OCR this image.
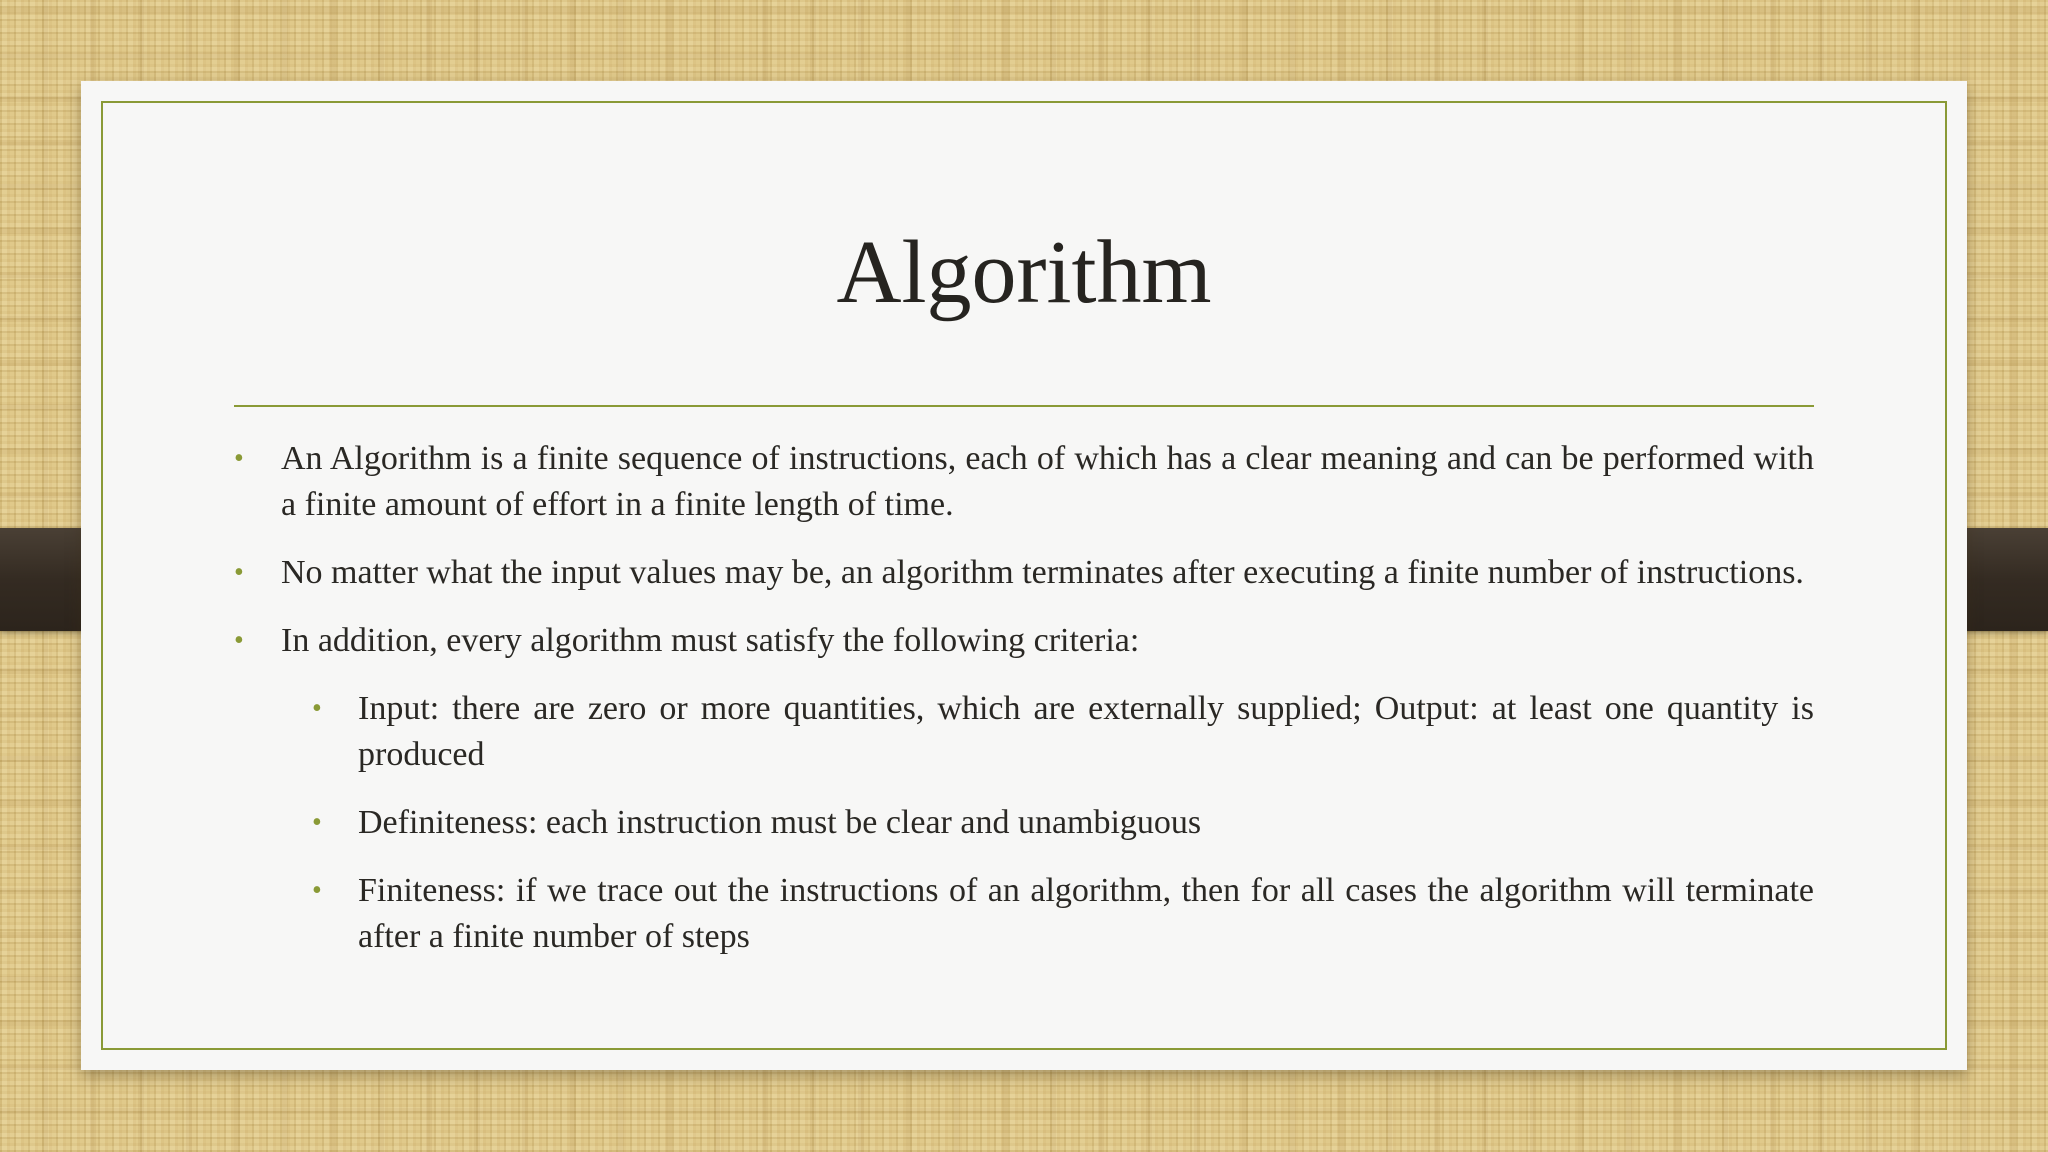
Algorithm
• An Algorithm is a finite sequence of instructions, each of which has a clear meaning and can be performed with a finite amount of effort in a finite length of time.
• No matter what the input values may be, an algorithm terminates after executing a finite number of instructions.
•	In addition, every algorithm must satisfy the following criteria:
• Input: there are zero or more quantities, which are externally supplied; Output: at least one quantity is produced
• Definiteness: each instruction must be clear and unambiguous
• Finiteness: if we trace out the instructions of an algorithm, then for all cases the algorithm will terminate after a finite number of steps
